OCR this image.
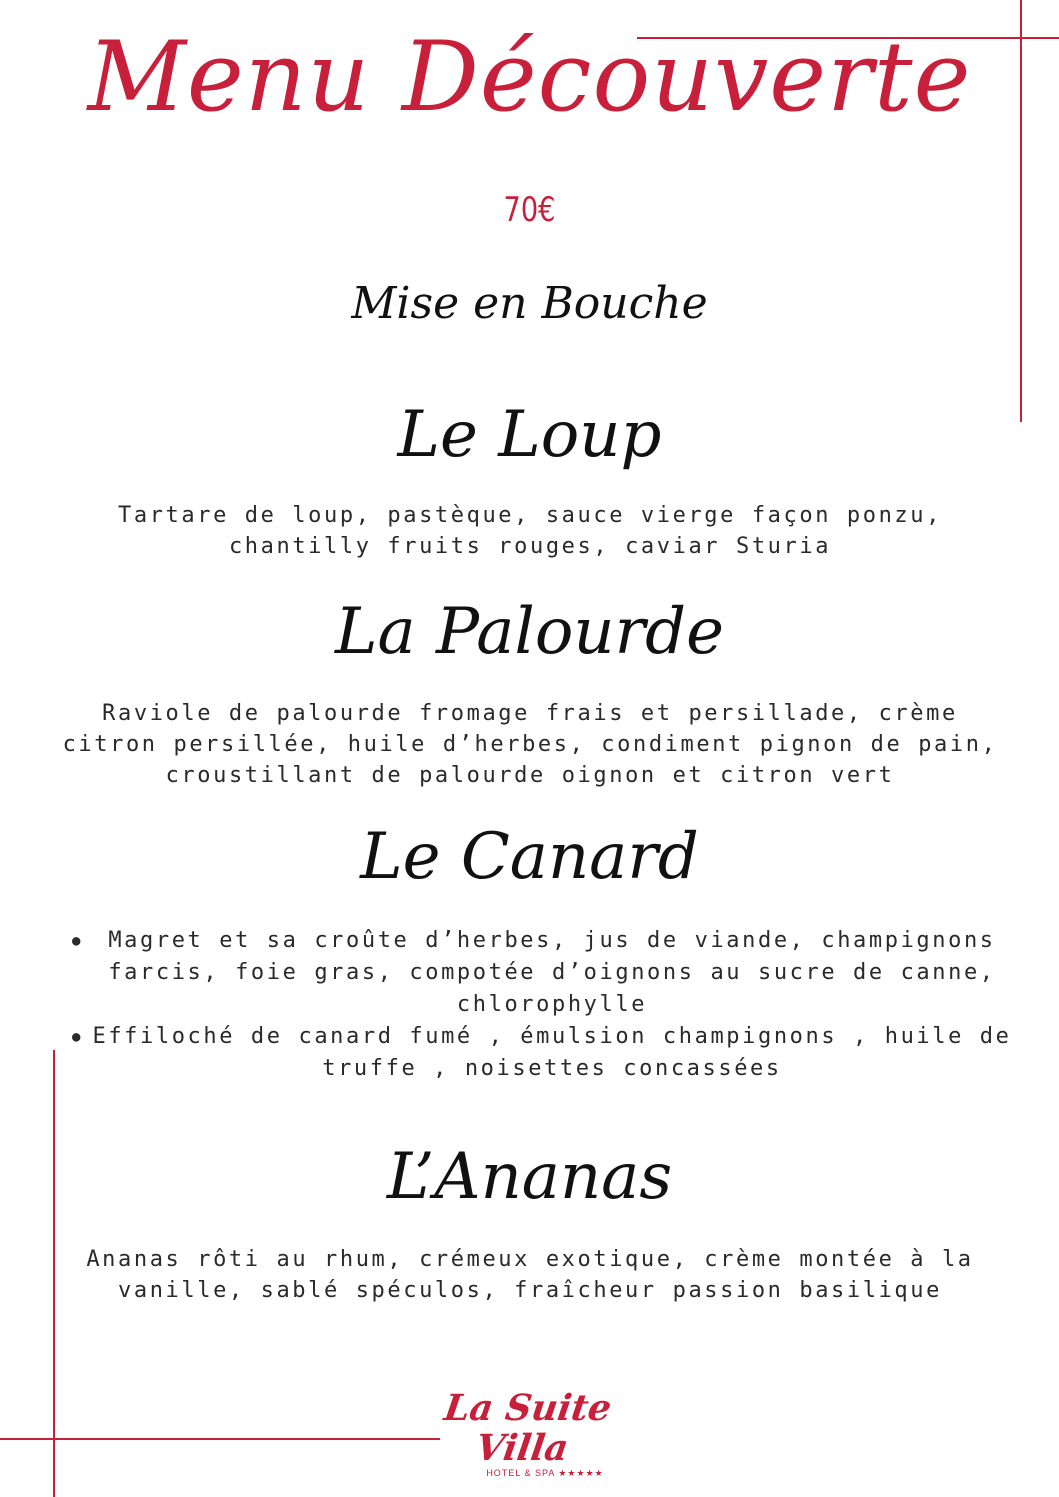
Menu Découverte
70€
Mise en Bouche
Le Loup
Tartare de loup, pastèque, sauce vierge façon ponzu, chantilly fruits rouges, caviar Sturia
La Palourde
Raviole de palourde fromage frais et persillade, crème citron persillée, huile d’herbes, condiment pignon de pain, croustillant de palourde oignon et citron vert
Le Canard
● Magret et sa croûte d’herbes, jus de viande, champignons farcis, foie gras, compotée d’oignons au sucre de canne, chlorophylle
● Effiloché de canard fumé , émulsion champignons , huile de truffe , noisettes concassées
L’Ananas
Ananas rôti au rhum, crémeux exotique, crème montée à la vanille, sablé spéculos, fraîcheur passion basilique
La Suite Villa
HOTEL & SPA ★★★★★
